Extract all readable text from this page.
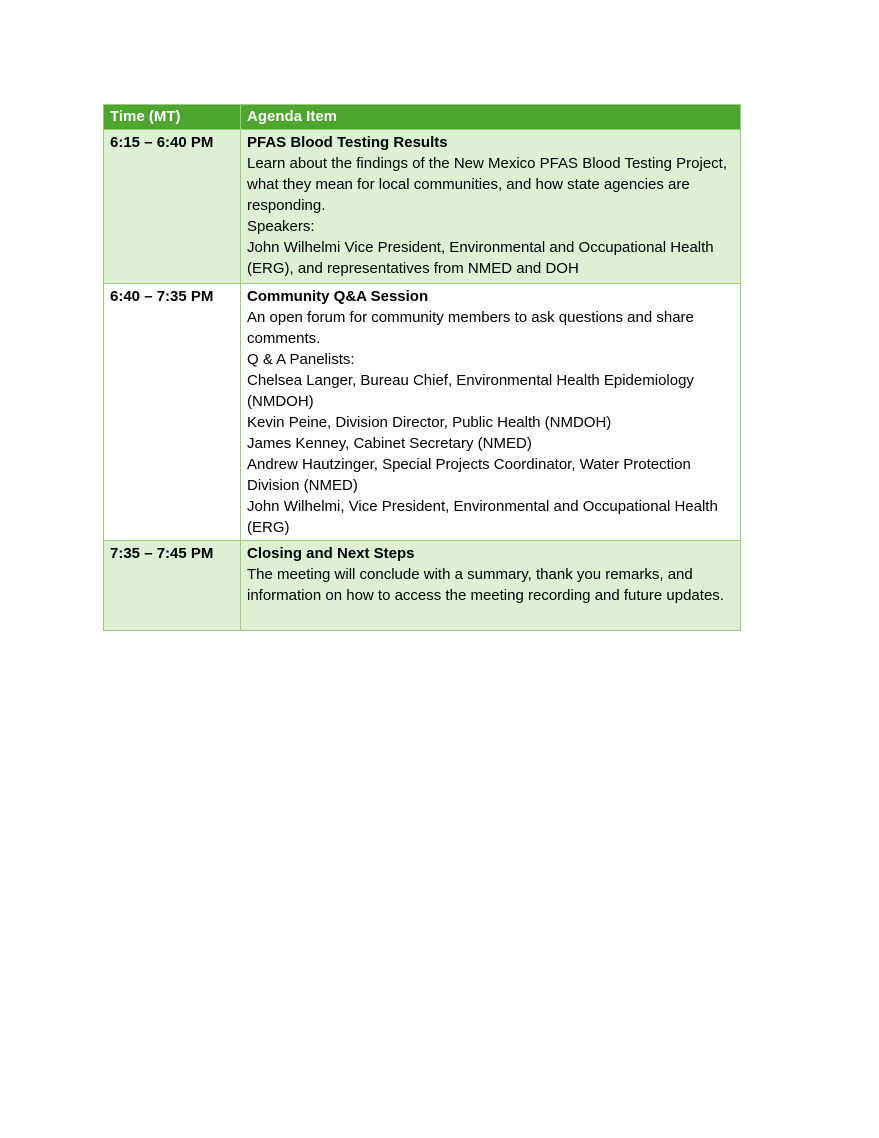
Time (MT)	Agenda Item
6:15 – 6:40 PM	PFAS Blood Testing Results

Learn about the findings of the New Mexico PFAS Blood Testing Project, what they mean for local communities, and how state agencies are responding.

Speakers:

John Wilhelmi Vice President, Environmental and Occupational Health (ERG), and representatives from NMED and DOH

6:40 – 7:35 PM	Community Q&A Session

An open forum for community members to ask questions and share comments.

Q & A Panelists:

Chelsea Langer, Bureau Chief, Environmental Health Epidemiology (NMDOH)

Kevin Peine, Division Director, Public Health (NMDOH)

James Kenney, Cabinet Secretary (NMED)

Andrew Hautzinger, Special Projects Coordinator, Water Protection Division (NMED)

John Wilhelmi, Vice President, Environmental and Occupational Health (ERG)

7:35 – 7:45 PM	Closing and Next Steps

The meeting will conclude with a summary, thank you remarks, and information on how to access the meeting recording and future updates.
